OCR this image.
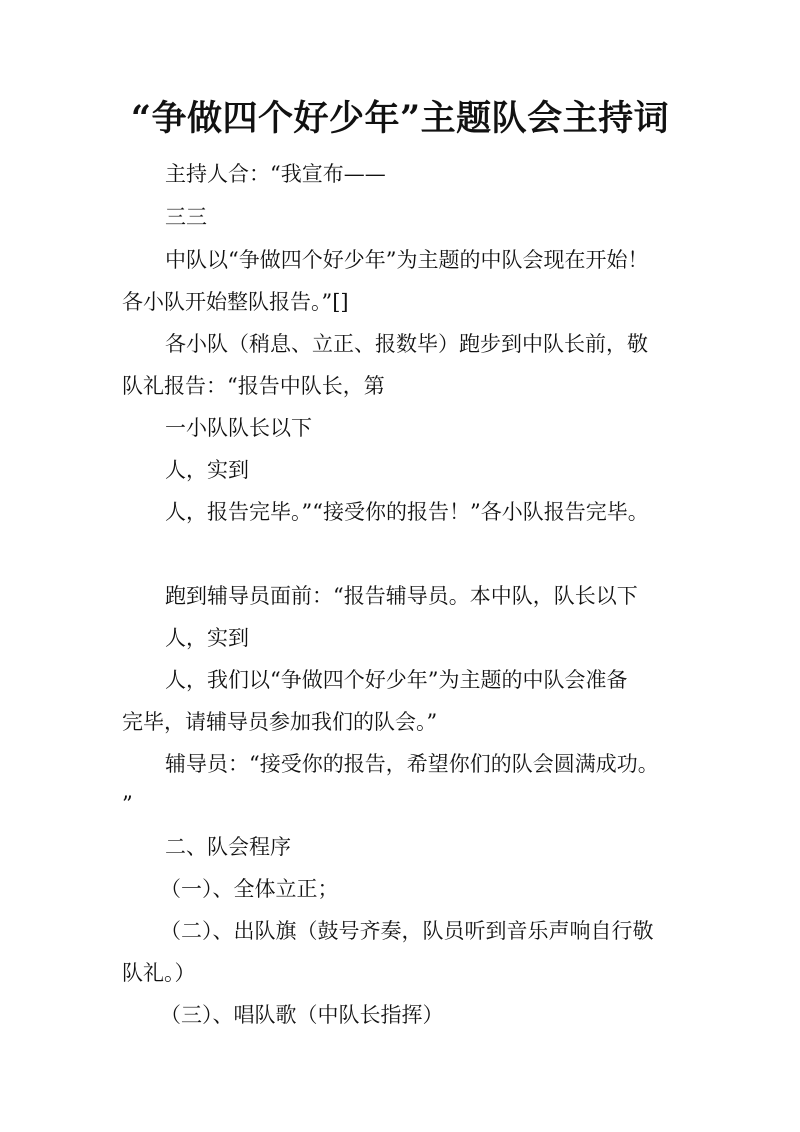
“争做四个好少年”主题队会主持词
主持人合：“我宣布——
三三
中队以“争做四个好少年”为主题的中队会现在开始！
各小队开始整队报告。”[]
各小队（稍息、立正、报数毕）跑步到中队长前，敬
队礼报告：“报告中队长，第
一小队队长以下
人，实到
人，报告完毕。”“接受你的报告！”各小队报告完毕。
跑到辅导员面前：“报告辅导员。本中队，队长以下
人，实到
人，我们以“争做四个好少年”为主题的中队会准备
完毕，请辅导员参加我们的队会。”
辅导员：“接受你的报告，希望你们的队会圆满成功。
”
二、队会程序
（一）、全体立正；
（二）、出队旗（鼓号齐奏，队员听到音乐声响自行敬
队礼。）
（三）、唱队歌（中队长指挥）
